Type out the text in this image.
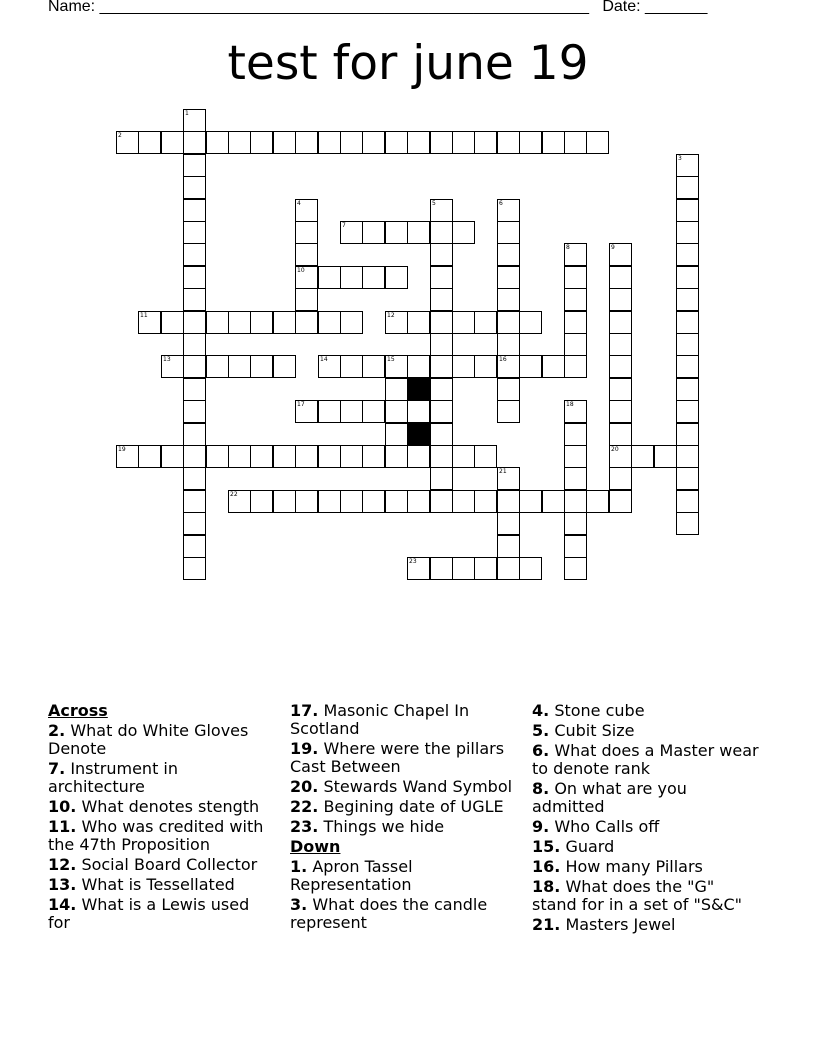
Name: _______________________________________________________ Date: _______
test for june 19
1
2
3
4	5	6
7
8	9
10
11	12
13	14	15	16
17	18
19	20
21
22
23
Across
2. What do White Gloves Denote
7. Instrument in architecture
10. What denotes stength
11. Who was credited with the 47th Proposition
12. Social Board Collector
13. What is Tessellated
14. What is a Lewis used for
17. Masonic Chapel In Scotland
19. Where were the pillars Cast Between
20. Stewards Wand Symbol
22. Begining date of UGLE
23. Things we hide
Down
1. Apron Tassel Representation
3. What does the candle represent
4. Stone cube
5. Cubit Size
6. What does a Master wear to denote rank
8. On what are you admitted
9. Who Calls off
15. Guard
16. How many Pillars
18. What does the "G" stand for in a set of "S&C"
21. Masters Jewel
